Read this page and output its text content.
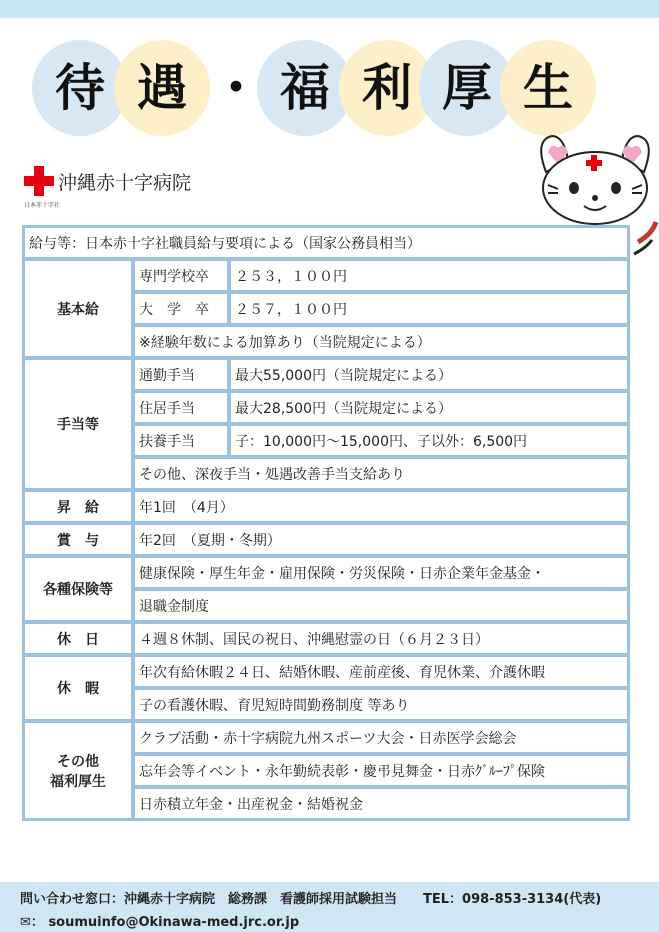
待 遇 ・ 福 利 厚 生
沖縄赤十字病院
日本赤十字社
給与等：日本赤十字社職員給与要項による（国家公務員相当）		
基本給	専門学校卒	２５３，１００円
	大　学　卒	２５７，１００円
	※経験年数による加算あり（当院規定による）	
手当等	通勤手当	最大55,000円（当院規定による）
	住居手当	最大28,500円（当院規定による）
	扶養手当	子：10,000円～15,000円、子以外：6,500円
	その他、深夜手当・処遇改善手当支給あり	
昇　給	年1回　（4月）	
賞　与	年2回　（夏期・冬期）	
各種保険等	健康保険・厚生年金・雇用保険・労災保険・日赤企業年金基金・	
	退職金制度	
休　日	４週８休制、国民の祝日、沖縄慰霊の日（６月２３日）	
休　暇	年次有給休暇２４日、結婚休暇、産前産後、育児休業、介護休暇	
	子の看護休暇、育児短時間勤務制度 等あり	

その他
福利厚生	クラブ活動・赤十字病院九州スポーツ大会・日赤医学会総会	
	忘年会等イベント・永年勤続表彰・慶弔見舞金・日赤ｸﾞﾙｰﾌﾟ保険	
	日赤積立年金・出産祝金・結婚祝金	
問い合わせ窓口：沖縄赤十字病院　総務課　看護師採用試験担当　　TEL：098-853-3134(代表)
✉： soumuinfo@Okinawa-med.jrc.or.jp
